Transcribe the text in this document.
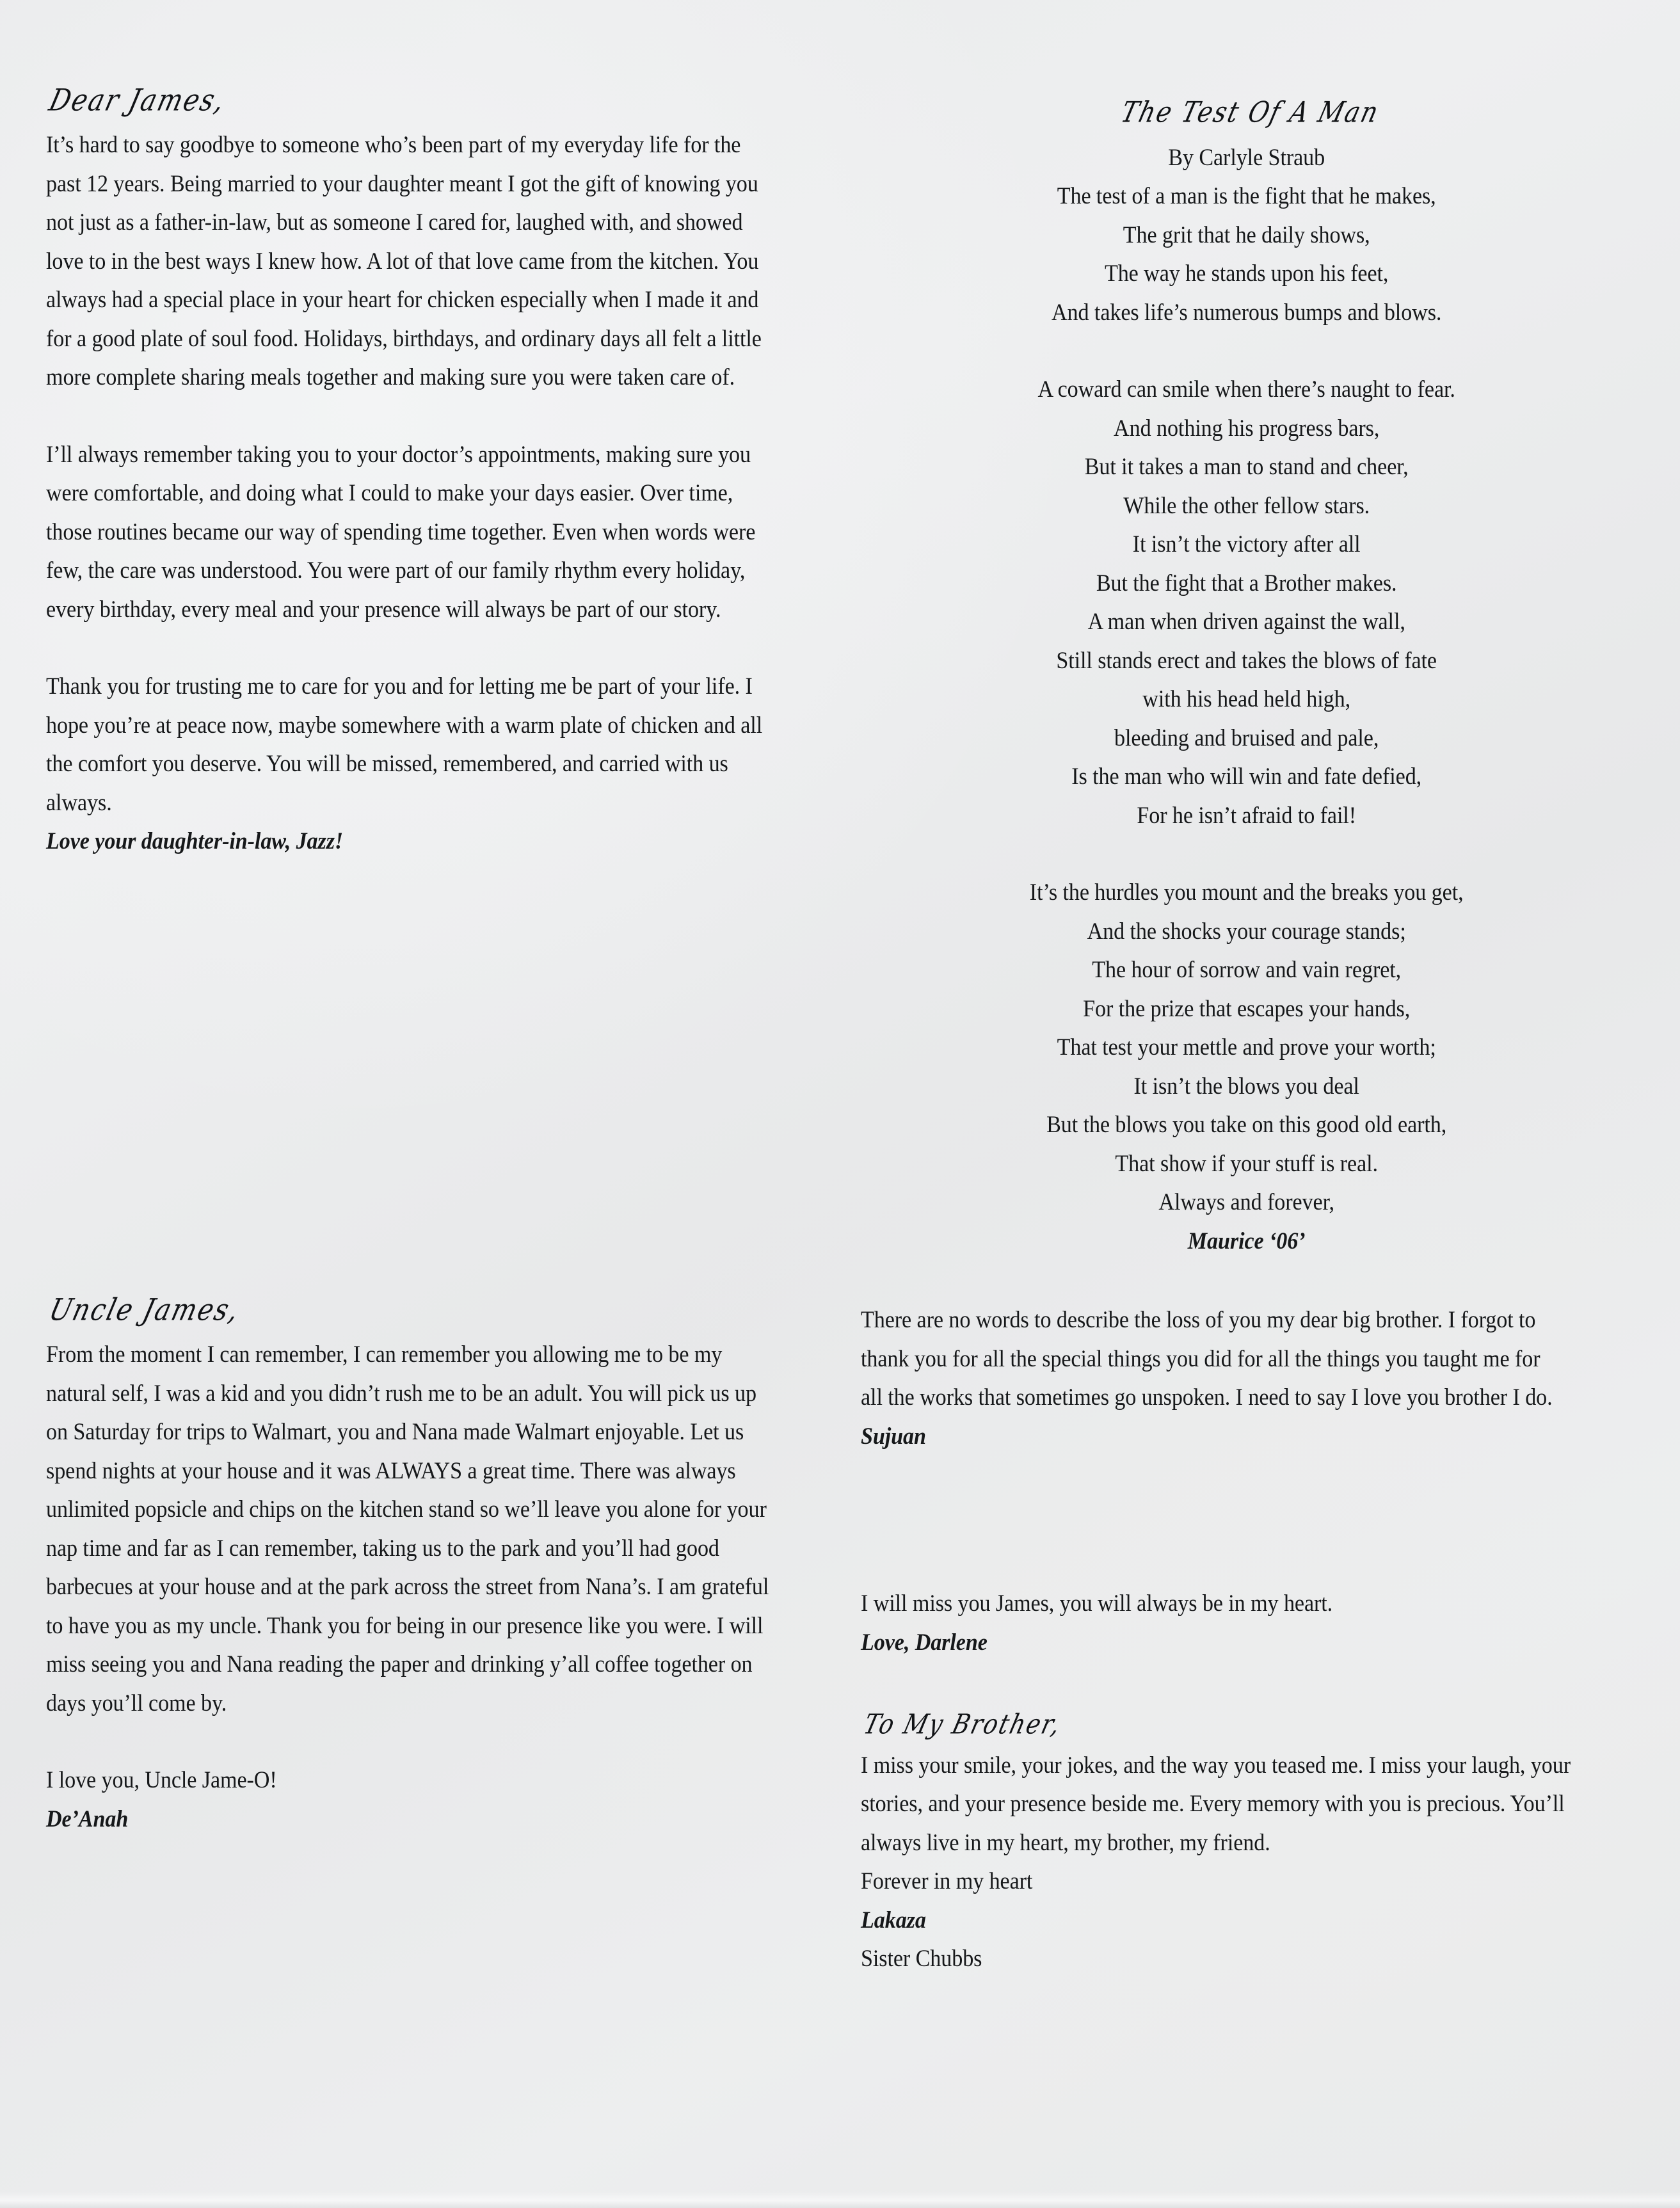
Dear James,

It’s hard to say goodbye to someone who’s been part of my everyday life for the past 12 years. Being married to your daughter meant I got the gift of knowing you not just as a father-in-law, but as someone I cared for, laughed with, and showed love to in the best ways I knew how. A lot of that love came from the kitchen. You always had a special place in your heart for chicken especially when I made it and for a good plate of soul food. Holidays, birthdays, and ordinary days all felt a little more complete sharing meals together and making sure you were taken care of.

I’ll always remember taking you to your doctor’s appointments, making sure you were comfortable, and doing what I could to make your days easier. Over time, those routines became our way of spending time together. Even when words were few, the care was understood. You were part of our family rhythm every holiday, every birthday, every meal and your presence will always be part of our story.

Thank you for trusting me to care for you and for letting me be part of your life. I hope you’re at peace now, maybe somewhere with a warm plate of chicken and all the comfort you deserve. You will be missed, remembered, and carried with us always.

Love your daughter-in-law, Jazz!

Uncle James,

From the moment I can remember, I can remember you allowing me to be my natural self, I was a kid and you didn’t rush me to be an adult. You will pick us up on Saturday for trips to Walmart, you and Nana made Walmart enjoyable. Let us spend nights at your house and it was ALWAYS a great time. There was always unlimited popsicle and chips on the kitchen stand so we’ll leave you alone for your nap time and far as I can remember, taking us to the park and you’ll had good barbecues at your house and at the park across the street from Nana’s. I am grateful to have you as my uncle. Thank you for being in our presence like you were. I will miss seeing you and Nana reading the paper and drinking y’all coffee together on days you’ll come by.

I love you, Uncle Jame-O!

De’Anah

The Test Of A Man

By Carlyle Straub

The test of a man is the fight that he makes,

The grit that he daily shows,

The way he stands upon his feet,

And takes life’s numerous bumps and blows.

A coward can smile when there’s naught to fear.

And nothing his progress bars,

But it takes a man to stand and cheer,

While the other fellow stars.

It isn’t the victory after all

But the fight that a Brother makes.

A man when driven against the wall,

Still stands erect and takes the blows of fate

with his head held high,

bleeding and bruised and pale,

Is the man who will win and fate defied,

For he isn’t afraid to fail!

It’s the hurdles you mount and the breaks you get,

And the shocks your courage stands;

The hour of sorrow and vain regret,

For the prize that escapes your hands,

That test your mettle and prove your worth;

It isn’t the blows you deal

But the blows you take on this good old earth,

That show if your stuff is real.

Always and forever,

Maurice ‘06’

There are no words to describe the loss of you my dear big brother. I forgot to thank you for all the special things you did for all the things you taught me for all the works that sometimes go unspoken. I need to say I love you brother I do.

Sujuan

I will miss you James, you will always be in my heart.

Love, Darlene

To My Brother,

I miss your smile, your jokes, and the way you teased me. I miss your laugh, your stories, and your presence beside me. Every memory with you is precious. You’ll always live in my heart, my brother, my friend.

Forever in my heart

Lakaza

Sister Chubbs
